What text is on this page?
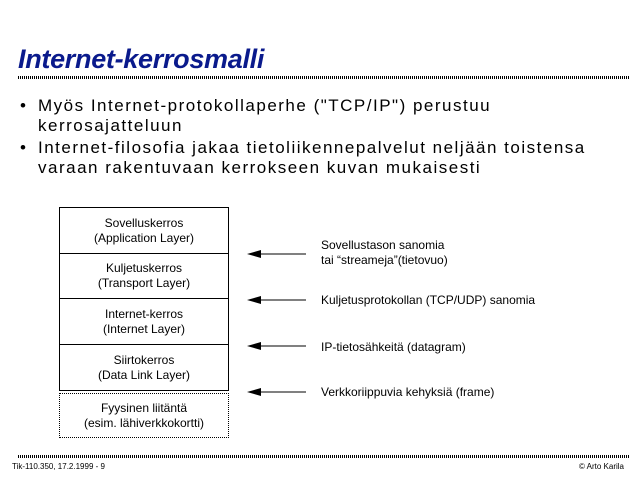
Internet-kerrosmalli
• Myös Internet-protokollaperhe ("TCP/IP") perustuu
kerrosajatteluun
• Internet-filosofia jakaa tietoliikennepalvelut neljään toistensa
varaan rakentuvaan kerrokseen kuvan mukaisesti
Sovelluskerros
(Application Layer)
Kuljetuskerros
(Transport Layer)
Internet-kerros
(Internet Layer)
Siirtokerros
(Data Link Layer)
Fyysinen liitäntä
(esim. lähiverkkokortti)
Sovellustason sanomia
tai “streameja”(tietovuo)
Kuljetusprotokollan (TCP/UDP) sanomia
IP-tietosähkeitä (datagram)
Verkkoriippuvia kehyksiä (frame)
Tik-110.350, 17.2.1999 - 9	© Arto Karila
